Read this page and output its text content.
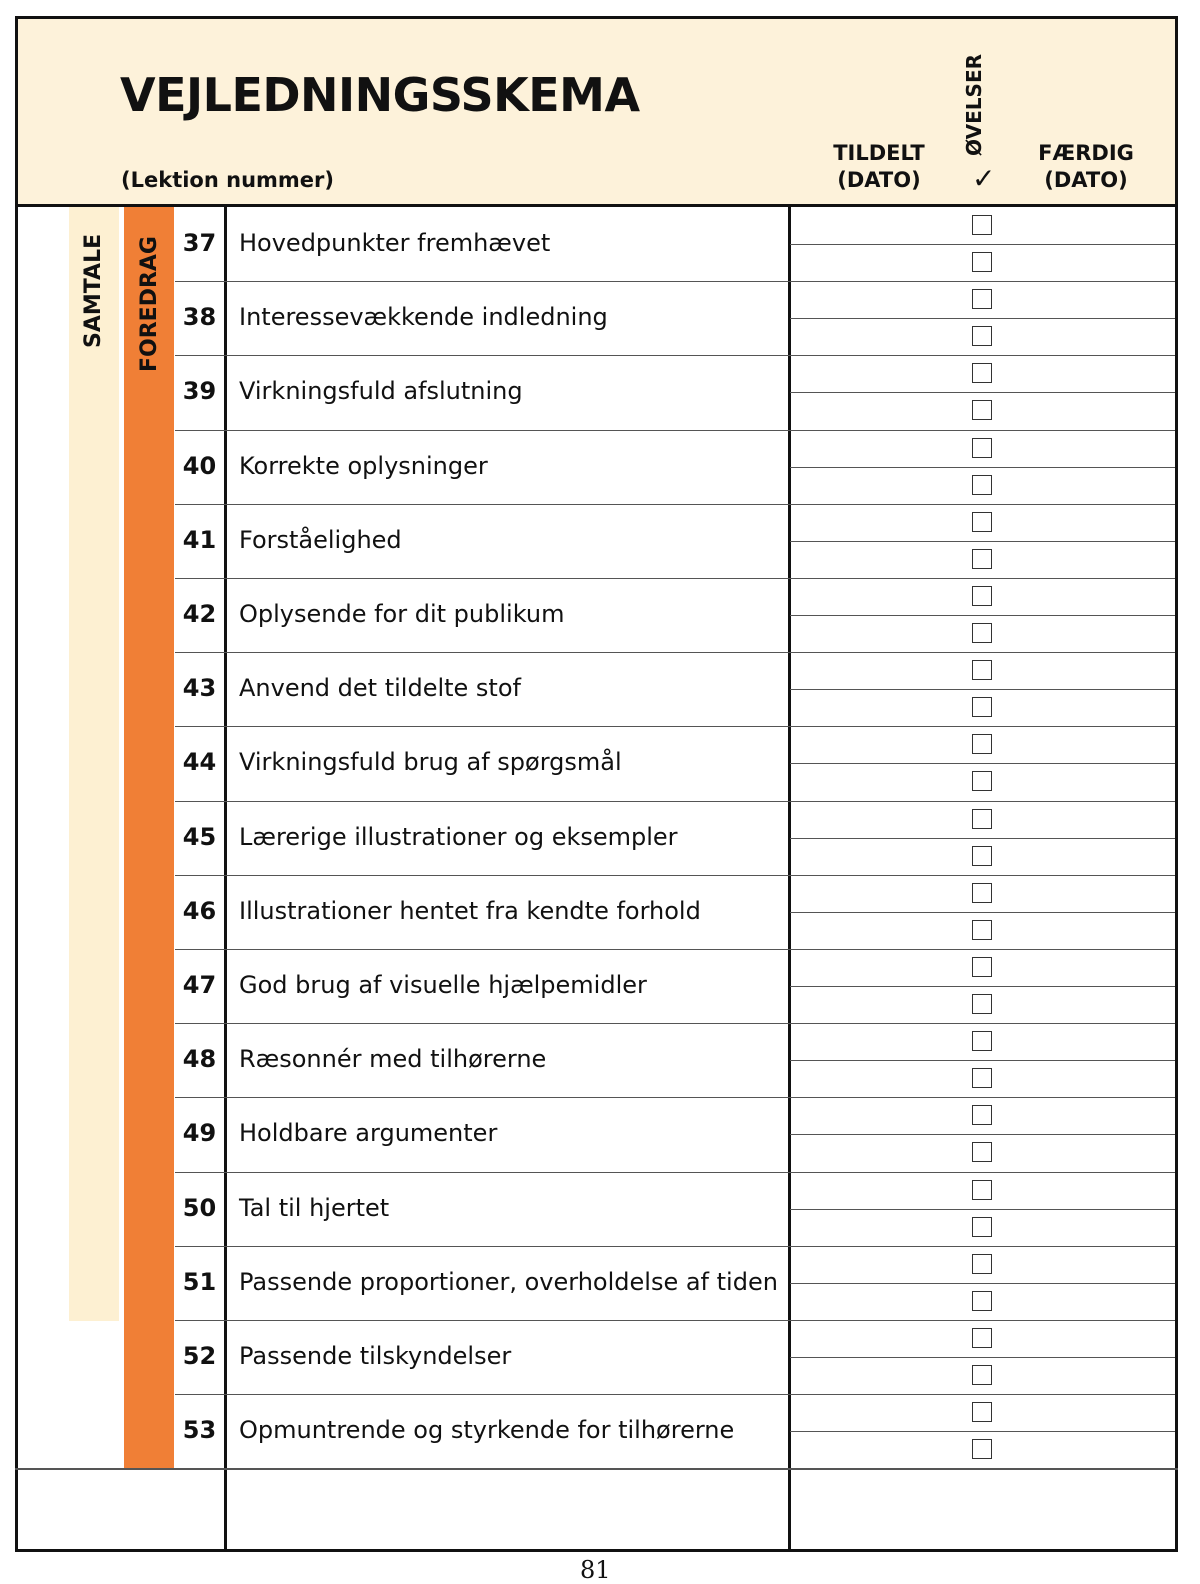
VEJLEDNINGSSKEMA
(Lektion nummer)
TILDELT
(DATO)
ØVELSER
✓
FÆRDIG
(DATO)
SAMTALE FOREDRAG 37 Hovedpunkter fremhævet
38 Interessevækkende indledning
39 Virkningsfuld afslutning
40 Korrekte oplysninger
41 Forståelighed
42 Oplysende for dit publikum
43 Anvend det tildelte stof
44 Virkningsfuld brug af spørgsmål
45 Lærerige illustrationer og eksempler
46 Illustrationer hentet fra kendte forhold
47 God brug af visuelle hjælpemidler
48 Ræsonnér med tilhørerne
49 Holdbare argumenter
50 Tal til hjertet
51 Passende proportioner, overholdelse af tiden
52 Passende tilskyndelser
53 Opmuntrende og styrkende for tilhørerne
81
